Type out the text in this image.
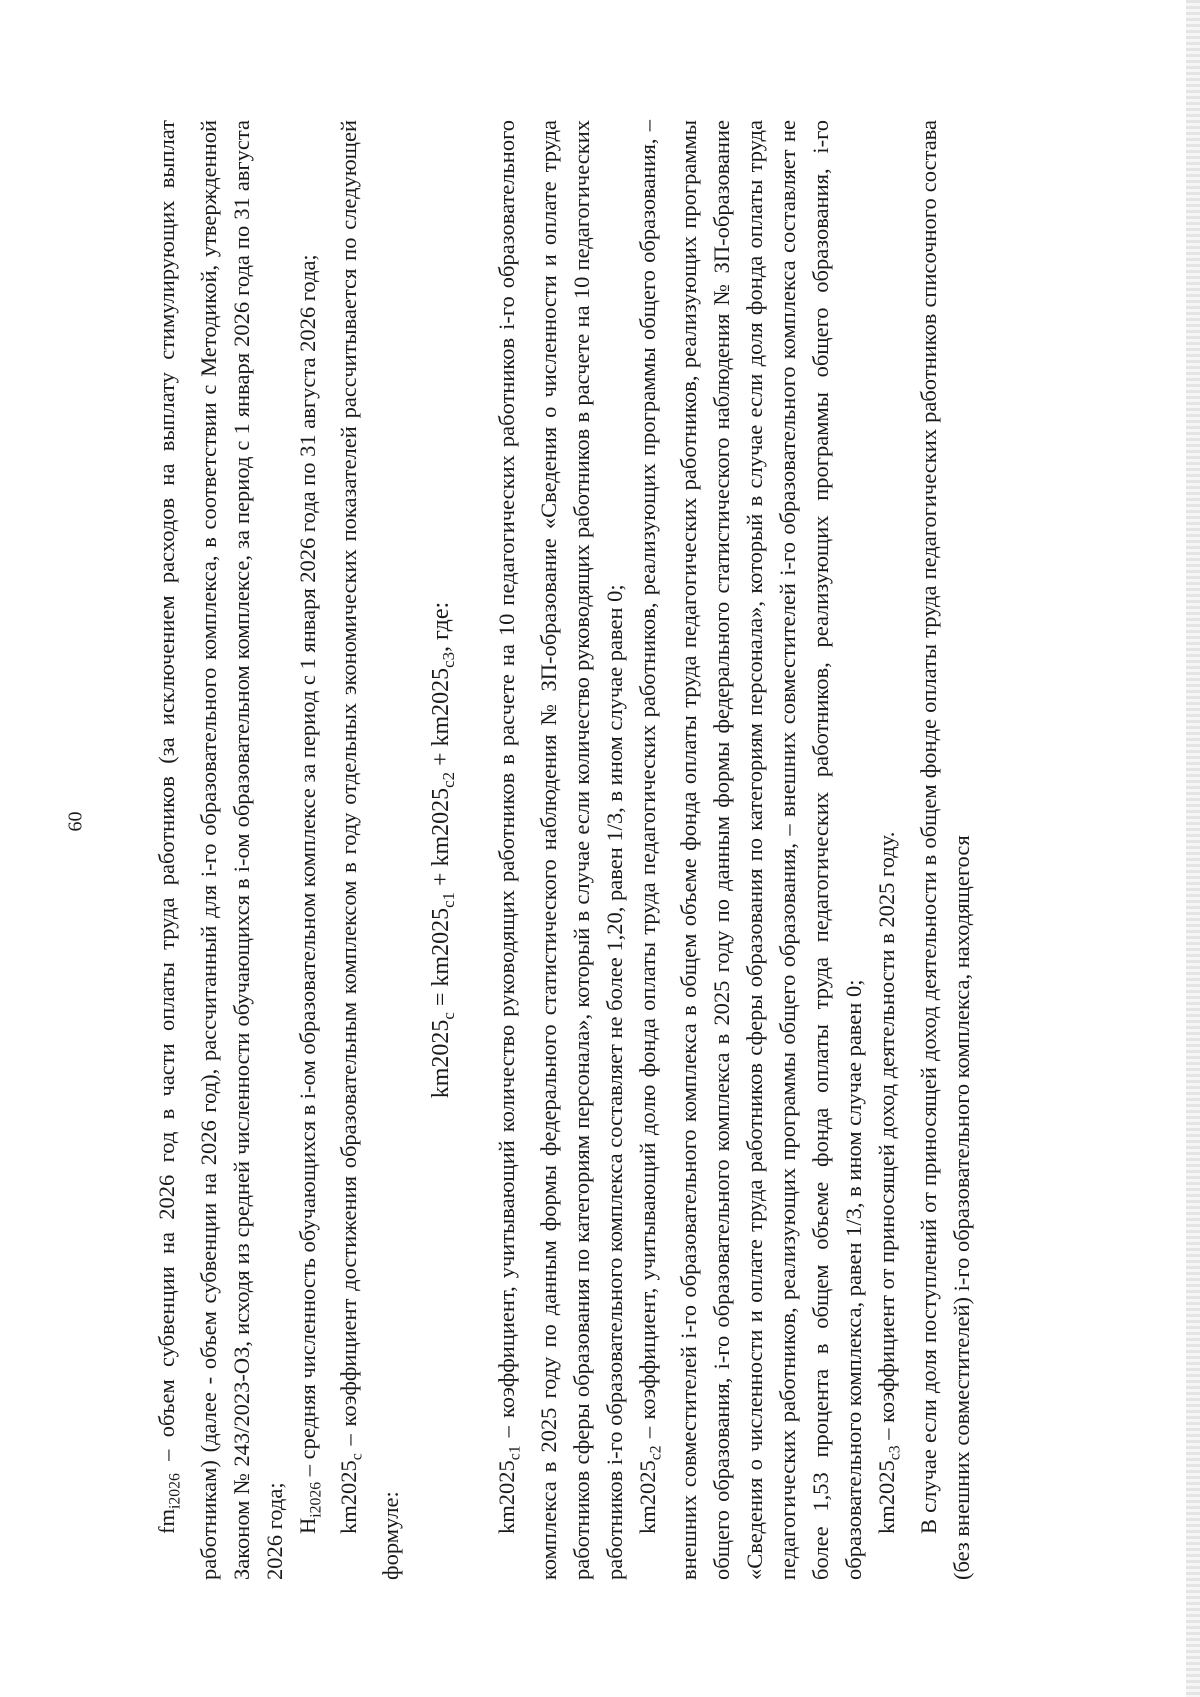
60

$fm_{i2026}$ – объем субвенции на 2026 год в части оплаты труда работников (за исключением расходов на выплату стимулирующих выплат работникам) (далее - объем субвенции на 2026 год), рассчитанный для i-го образовательного комплекса, в соответствии с Методикой, утвержденной Законом № 243/2023-ОЗ, исходя из средней численности обучающихся в i-ом образовательном комплексе, за период с 1 января 2026 года по 31 августа 2026 года; $H_{i2026}$ – средняя численность обучающихся в i-ом образовательном комплексе за период с 1 января 2026 года по 31 августа 2026 года;

$km2025_c$ – коэффициент достижения образовательным комплексом в году отдельных экономических показателей рассчитывается по следующей формуле:

$km2025_c = km2025_{c1} + km2025_{c2} + km2025_{c3}$, где:

$km2025_{c1}$ – коэффициент, учитывающий количество руководящих работников в расчете на 10 педагогических работников i-го образовательного комплекса в 2025 году по данным формы федерального статистического наблюдения № ЗП-образование «Сведения о численности и оплате труда работников сферы образования по категориям персонала», который в случае если количество руководящих работников в расчете на 10 педагогических работников i-го образовательного комплекса составляет не более 1,20, равен 1/3, в ином случае равен 0; $km2025_{c2}$ – коэффициент, учитывающий долю фонда оплаты труда педагогических работников, реализующих программы общего образования, – внешних совместителей i-го образовательного комплекса в общем объеме фонда оплаты труда педагогических работников, реализующих программы общего образования, i-го образовательного комплекса в 2025 году по данным формы федерального статистического наблюдения № ЗП-образование «Сведения о численности и оплате труда работников сферы образования по категориям персонала», который в случае если доля фонда оплаты труда педагогических работников, реализующих программы общего образования, – внешних совместителей i-го образовательного комплекса составляет не более 1,53 процента в общем объеме фонда оплаты труда педагогических работников, реализующих программы общего образования, i-го образовательного комплекса, равен 1/3, в ином случае равен 0; $km2025_{c3}$ – коэффициент от приносящей доход деятельности в 2025 году. В случае если доля поступлений от приносящей доход деятельности в общем фонде оплаты труда педагогических работников списочного состава (без внешних совместителей) i-го образовательного комплекса, находящегося
